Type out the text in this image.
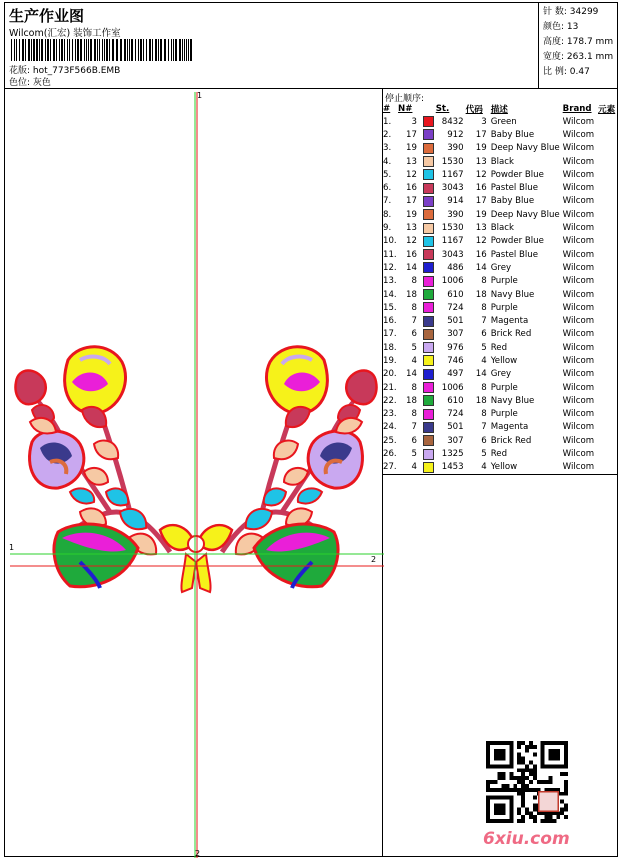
生产作业图
Wilcom(汇宏) 装饰工作室
花版: hot_773F566B.EMB
色位: 灰色
针 数: 34299
颜色: 13
高度: 178.7 mm
宽度: 263.1 mm
比 例: 0.47
停止顺序:
#	N#		St.	代码	描述	Brand	元素
1.	3		8432	3	Green	Wilcom	
2.	17		912	17	Baby Blue	Wilcom	
3.	19		390	19	Deep Navy Blue	Wilcom	
4.	13		1530	13	Black	Wilcom	
5.	12		1167	12	Powder Blue	Wilcom	
6.	16		3043	16	Pastel Blue	Wilcom	
7.	17		914	17	Baby Blue	Wilcom	
8.	19		390	19	Deep Navy Blue	Wilcom	
9.	13		1530	13	Black	Wilcom	
10.	12		1167	12	Powder Blue	Wilcom	
11.	16		3043	16	Pastel Blue	Wilcom	
12.	14		486	14	Grey	Wilcom	
13.	8		1006	8	Purple	Wilcom	
14.	18		610	18	Navy Blue	Wilcom	
15.	8		724	8	Purple	Wilcom	
16.	7		501	7	Magenta	Wilcom	
17.	6		307	6	Brick Red	Wilcom	
18.	5		976	5	Red	Wilcom	
19.	4		746	4	Yellow	Wilcom	
20.	14		497	14	Grey	Wilcom	
21.	8		1006	8	Purple	Wilcom	
22.	18		610	18	Navy Blue	Wilcom	
23.	8		724	8	Purple	Wilcom	
24.	7		501	7	Magenta	Wilcom	
25.	6		307	6	Brick Red	Wilcom	
26.	5		1325	5	Red	Wilcom	
27.	4		1453	4	Yellow	Wilcom	
1
2
1
2
6xiu.com
